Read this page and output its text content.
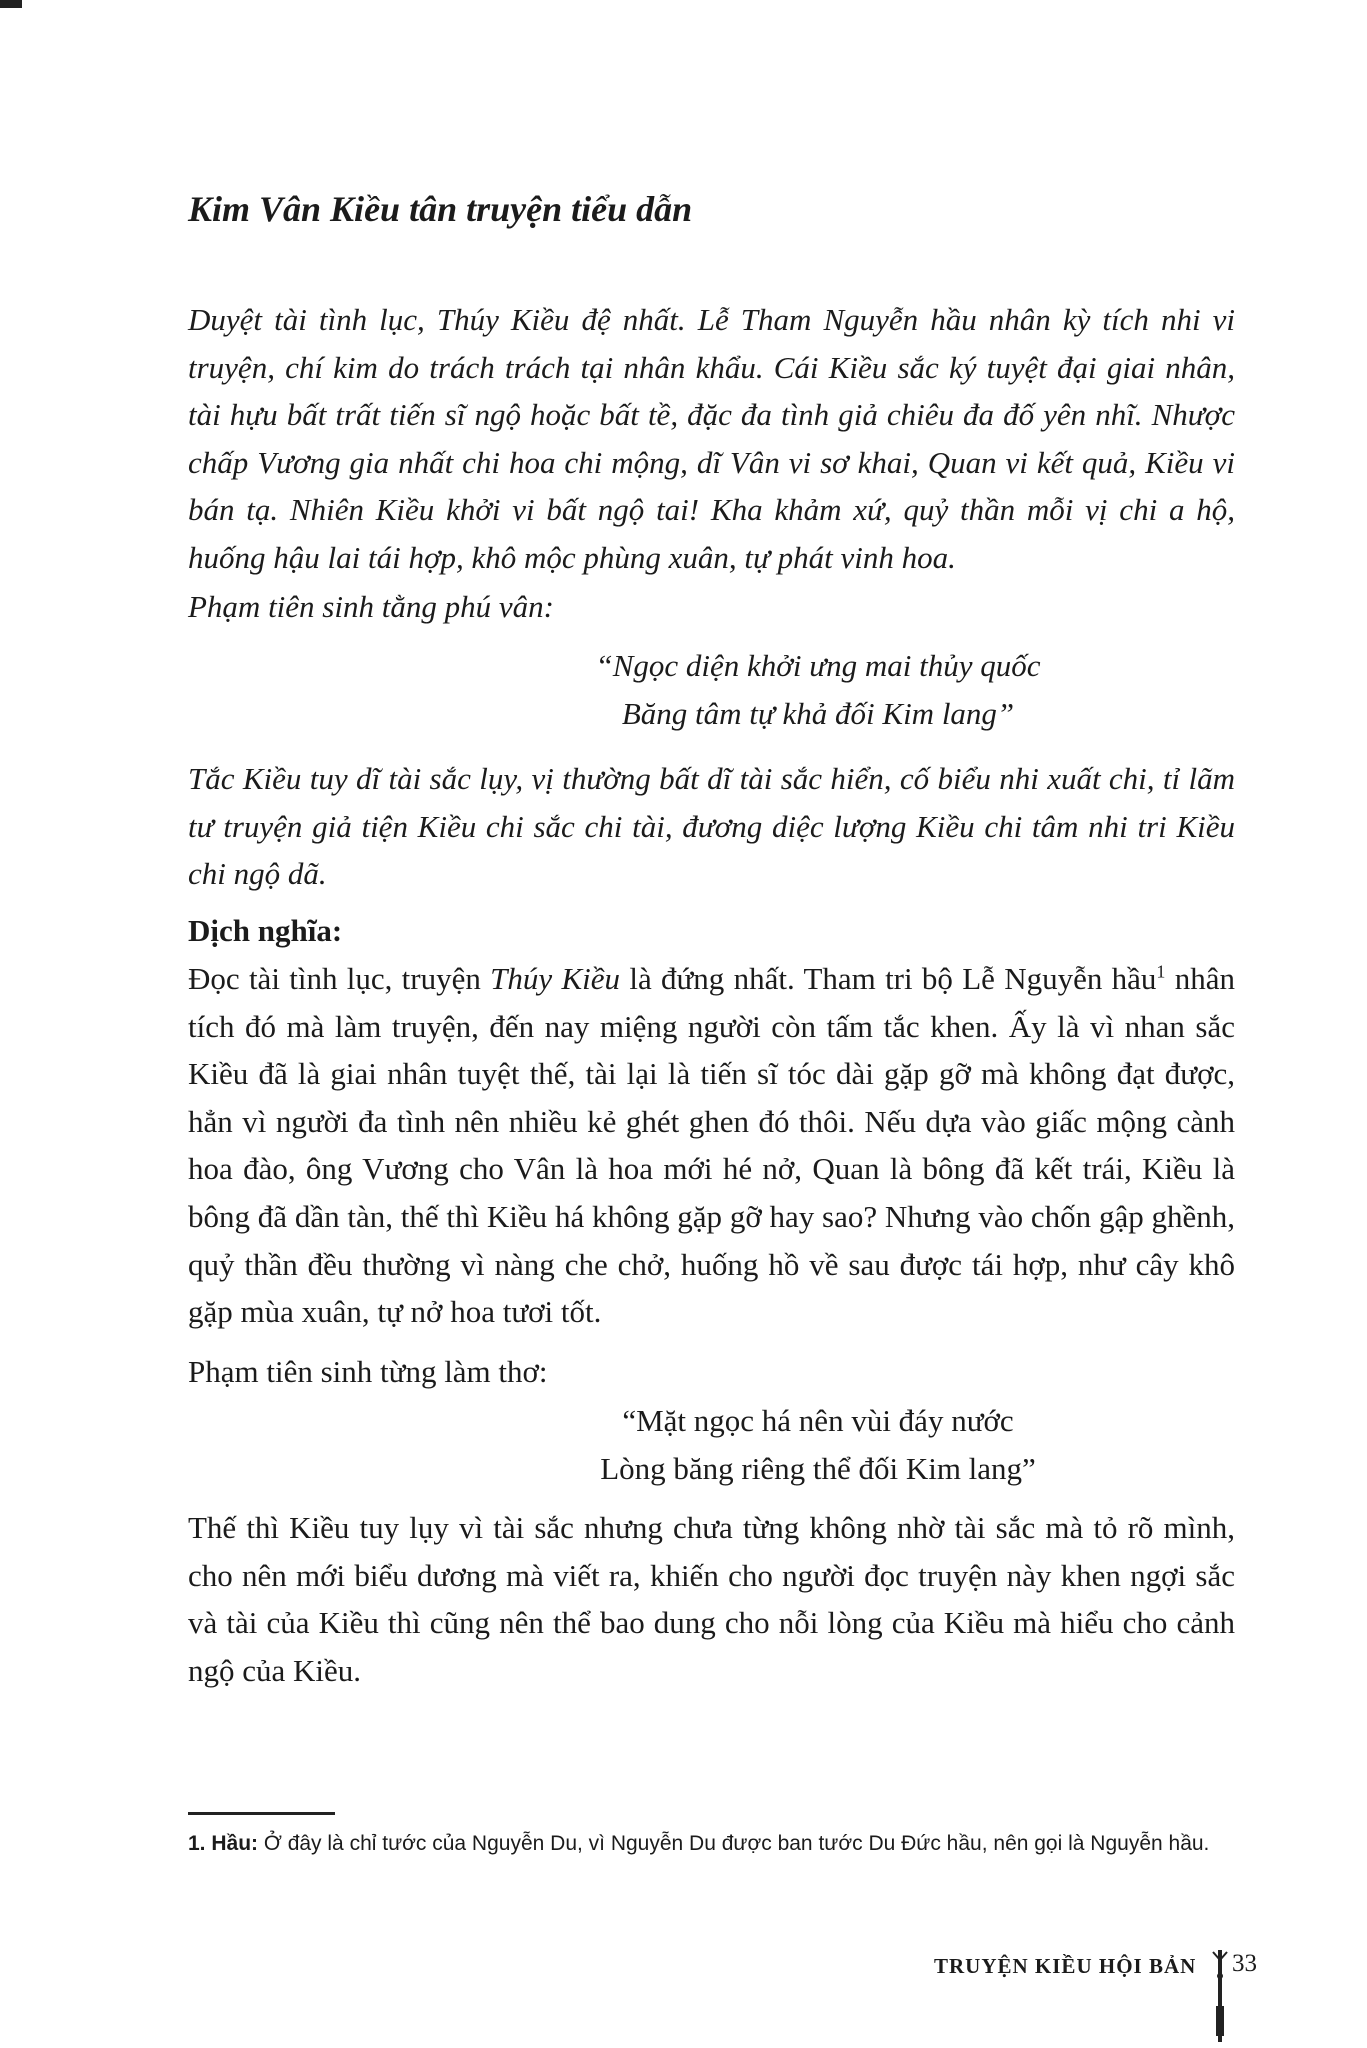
Kim Vân Kiều tân truyện tiểu dẫn

Duyệt tài tình lục, Thúy Kiều đệ nhất. Lễ Tham Nguyễn hầu nhân kỳ tích nhi vi truyện, chí kim do trách trách tại nhân khẩu. Cái Kiều sắc ký tuyệt đại giai nhân, tài hựu bất trất tiến sĩ ngộ hoặc bất tề, đặc đa tình giả chiêu đa đố yên nhĩ. Nhược chấp Vương gia nhất chi hoa chi mộng, dĩ Vân vi sơ khai, Quan vi kết quả, Kiều vi bán tạ. Nhiên Kiều khởi vi bất ngộ tai! Kha khảm xứ, quỷ thần mỗi vị chi a hộ, huống hậu lai tái hợp, khô mộc phùng xuân, tự phát vinh hoa.

Phạm tiên sinh tằng phú vân:

“Ngọc diện khởi ưng mai thủy quốc

Băng tâm tự khả đối Kim lang”

Tắc Kiều tuy dĩ tài sắc lụy, vị thường bất dĩ tài sắc hiển, cố biểu nhi xuất chi, tỉ lãm tư truyện giả tiện Kiều chi sắc chi tài, đương diệc lượng Kiều chi tâm nhi tri Kiều chi ngộ dã.

Dịch nghĩa:

Đọc tài tình lục, truyện Thúy Kiều là đứng nhất. Tham tri bộ Lễ Nguyễn hầu$^1$ nhân tích đó mà làm truyện, đến nay miệng người còn tấm tắc khen. Ấy là vì nhan sắc Kiều đã là giai nhân tuyệt thế, tài lại là tiến sĩ tóc dài gặp gỡ mà không đạt được, hẳn vì người đa tình nên nhiều kẻ ghét ghen đó thôi. Nếu dựa vào giấc mộng cành hoa đào, ông Vương cho Vân là hoa mới hé nở, Quan là bông đã kết trái, Kiều là bông đã dần tàn, thế thì Kiều há không gặp gỡ hay sao? Nhưng vào chốn gập ghềnh, quỷ thần đều thường vì nàng che chở, huống hồ về sau được tái hợp, như cây khô gặp mùa xuân, tự nở hoa tươi tốt.

Phạm tiên sinh từng làm thơ:

“Mặt ngọc há nên vùi đáy nước

Lòng băng riêng thể đối Kim lang”

Thế thì Kiều tuy lụy vì tài sắc nhưng chưa từng không nhờ tài sắc mà tỏ rõ mình, cho nên mới biểu dương mà viết ra, khiến cho người đọc truyện này khen ngợi sắc và tài của Kiều thì cũng nên thể bao dung cho nỗi lòng của Kiều mà hiểu cho cảnh ngộ của Kiều.

1. Hầu: Ở đây là chỉ tước của Nguyễn Du, vì Nguyễn Du được ban tước Du Đức hầu, nên gọi là Nguyễn hầu.

TRUYỆN KIỀU HỘI BẢN 33
